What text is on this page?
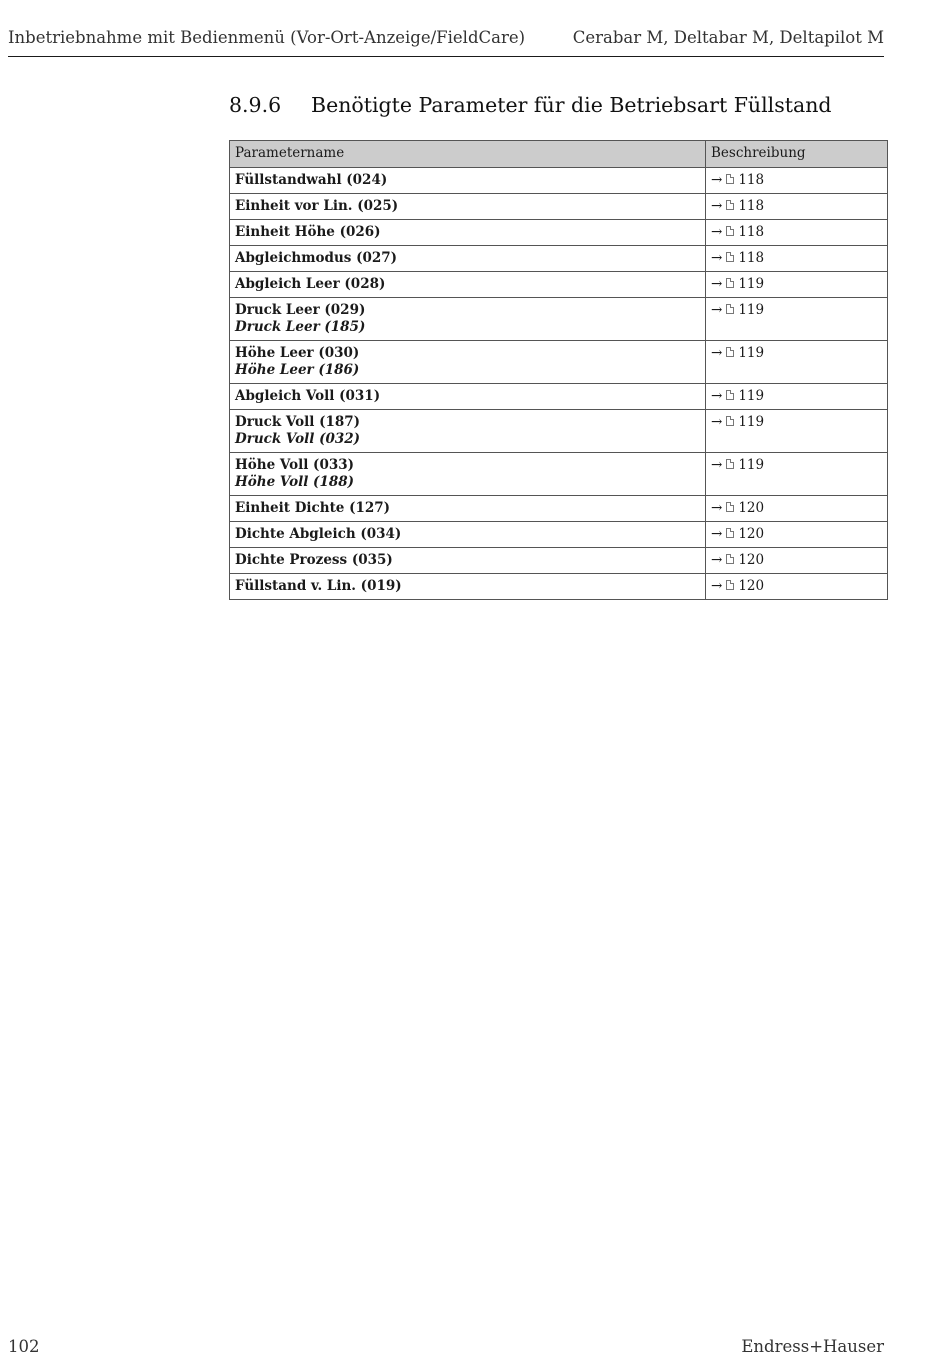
Inbetriebnahme mit Bedienmenü (Vor-Ort-Anzeige/FieldCare)	Cerabar M, Deltabar M, Deltapilot M
8.9.6 Benötigte Parameter für die Betriebsart Füllstand
Parametername	Beschreibung
Füllstandwahl (024)	→ 118
Einheit vor Lin. (025)	→ 118
Einheit Höhe (026)	→ 118
Abgleichmodus (027)	→ 118
Abgleich Leer (028)	→ 119
Druck Leer (029)
Druck Leer (185)	→ 119
Höhe Leer (030)
Höhe Leer (186)	→ 119
Abgleich Voll (031)	→ 119
Druck Voll (187)
Druck Voll (032)	→ 119
Höhe Voll (033)
Höhe Voll (188)	→ 119
Einheit Dichte (127)	→ 120
Dichte Abgleich (034)	→ 120
Dichte Prozess (035)	→ 120
Füllstand v. Lin. (019)	→ 120
102	Endress+Hauser
